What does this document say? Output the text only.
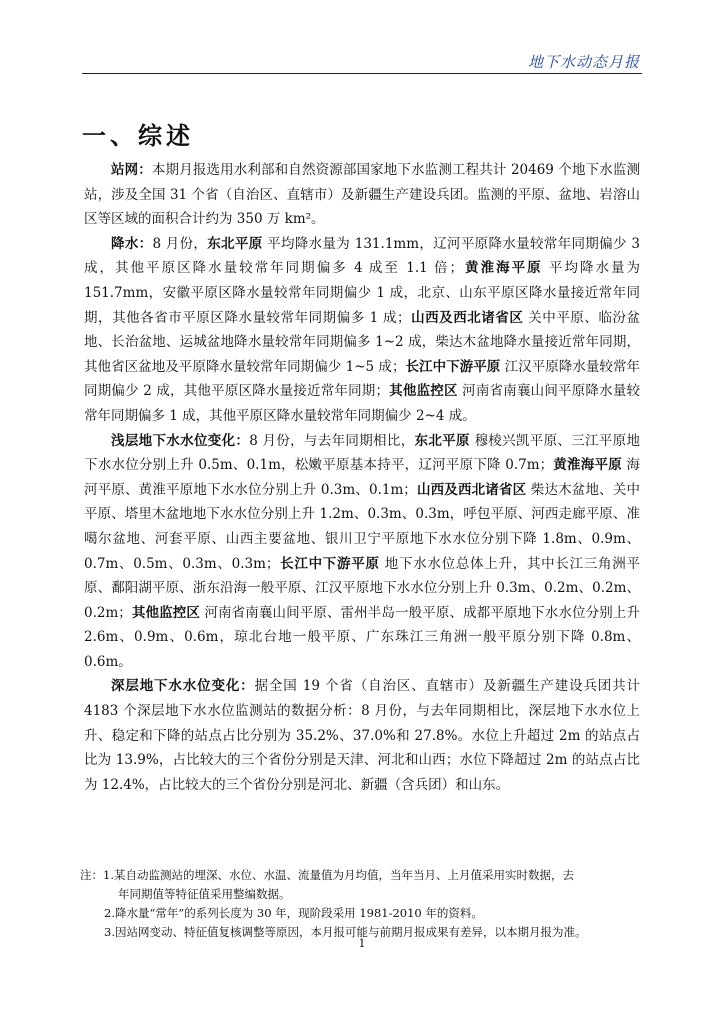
地下水动态月报
一、综述

站网：本期月报选用水利部和自然资源部国家地下水监测工程共计 20469 个地下水监测站，涉及全国 31 个省（自治区、直辖市）及新疆生产建设兵团。监测的平原、盆地、岩溶山区等区域的面积合计约为 350 万 km²。

降水：8 月份，东北平原 平均降水量为 131.1mm，辽河平原降水量较常年同期偏少 3 成，其他平原区降水量较常年同期偏多 4 成至 1.1 倍；黄淮海平原 平均降水量为 151.7mm，安徽平原区降水量较常年同期偏少 1 成，北京、山东平原区降水量接近常年同期，其他各省市平原区降水量较常年同期偏多 1 成；山西及西北诸省区 关中平原、临汾盆地、长治盆地、运城盆地降水量较常年同期偏多 1~2 成，柴达木盆地降水量接近常年同期，其他省区盆地及平原降水量较常年同期偏少 1~5 成；长江中下游平原 江汉平原降水量较常年同期偏少 2 成，其他平原区降水量接近常年同期；其他监控区 河南省南襄山间平原降水量较常年同期偏多 1 成，其他平原区降水量较常年同期偏少 2~4 成。

浅层地下水水位变化：8 月份，与去年同期相比，东北平原 穆棱兴凯平原、三江平原地下水水位分别上升 0.5m、0.1m，松嫩平原基本持平，辽河平原下降 0.7m；黄淮海平原 海河平原、黄淮平原地下水水位分别上升 0.3m、0.1m；山西及西北诸省区 柴达木盆地、关中平原、塔里木盆地地下水水位分别上升 1.2m、0.3m、0.3m，呼包平原、河西走廊平原、准噶尔盆地、河套平原、山西主要盆地、银川卫宁平原地下水水位分别下降 1.8m、0.9m、0.7m、0.5m、0.3m、0.3m；长江中下游平原 地下水水位总体上升，其中长江三角洲平原、鄱阳湖平原、浙东沿海一般平原、江汉平原地下水水位分别上升 0.3m、0.2m、0.2m、0.2m；其他监控区 河南省南襄山间平原、雷州半岛一般平原、成都平原地下水水位分别上升 2.6m、0.9m、0.6m，琼北台地一般平原、广东珠江三角洲一般平原分别下降 0.8m、0.6m。

深层地下水水位变化：据全国 19 个省（自治区、直辖市）及新疆生产建设兵团共计 4183 个深层地下水水位监测站的数据分析：8 月份，与去年同期相比，深层地下水水位上升、稳定和下降的站点占比分别为 35.2%、37.0%和 27.8%。水位上升超过 2m 的站点占比为 13.9%，占比较大的三个省份分别是天津、河北和山西；水位下降超过 2m 的站点占比为 12.4%，占比较大的三个省份分别是河北、新疆（含兵团）和山东。

注：1.某自动监测站的埋深、水位、水温、流量值为月均值，当年当月、上月值采用实时数据，去

年同期值等特征值采用整编数据。

2.降水量“常年”的系列长度为 30 年，现阶段采用 1981-2010 年的资料。

3.因站网变动、特征值复核调整等原因，本月报可能与前期月报成果有差异，以本期月报为准。

1
